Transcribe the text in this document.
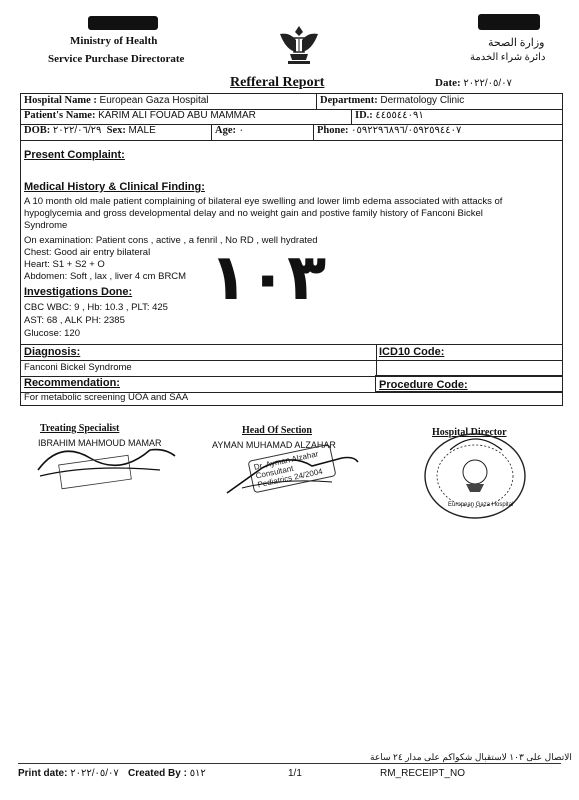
Ministry of Health
Service Purchase Directorate
وزارة الصحة
دائرة شراء الخدمة
Refferal Report	Date: ٢٠٢٢/٠٥/٠٧
Hospital Name : European Gaza Hospital	Department: Dermatology Clinic
Patient's Name: KARIM ALI FOUAD ABU MAMMAR	ID.: ٤٤٥٥٤٤٠٩١
DOB: ٢٠٢٢/٠٦/٢٩ Sex: MALE	Age: ٠	Phone: ٠٥٩٢٢٩٦٨٩٦/٠٥٩٢٥٩٤٤٠٧
Present Complaint:
Medical History & Clinical Finding:
A 10 month old male patient complaining of bilateral eye swelling and lower limb edema associated with attacks of
hypoglycemia and gross developmental delay and no weight gain and postive family history of Fanconi Bickel
Syndrome
On examination: Patient cons , active , a fenril , No RD , well hydrated
Chest: Good air entry bilateral
Heart: S1 + S2 + O
Abdomen: Soft , lax , liver 4 cm BRCM
Investigations Done:
CBC WBC: 9 , Hb: 10.3 , PLT: 425
AST: 68 , ALK PH: 2385
Glucose: 120
١٠٣
Diagnosis:
Fanconi Bickel Syndrome
ICD10 Code:
Recommendation:
For metabolic screening UOA and SAA
Procedure Code:
Treating Specialist
IBRAHIM MAHMOUD MAMAR
Head Of Section
AYMAN MUHAMAD ALZAHAR
Dr. Ayman Alzahar Consultant Pediatrics 24/2004
Hospital Director
European Gaza Hospital
الاتصال على ١٠٣ لاستقبال شكواكم على مدار ٢٤ ساعة
Print date: ٢٠٢٢/٠٥/٠٧ Created By : ٥١٢	1/1	RM_RECEIPT_NO
